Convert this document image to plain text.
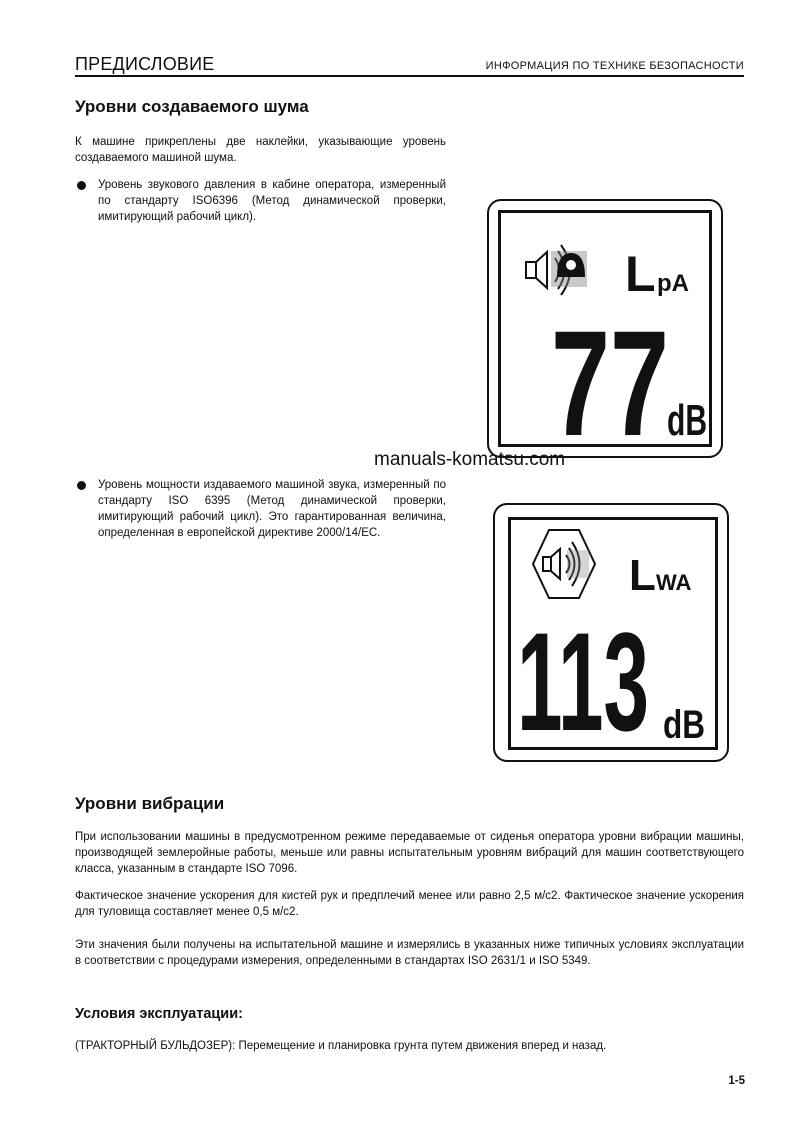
ПРЕДИСЛОВИЕ	ИНФОРМАЦИЯ ПО ТЕХНИКЕ БЕЗОПАСНОСТИ
Уровни создаваемого шума
К машине прикреплены две наклейки, указывающие уровень создаваемого машиной шума.
Уровень звукового давления в кабине оператора, измеренный по стандарту ISO6396 (Метод динамической проверки, имитирующий рабочий цикл).
L pA
77
dB
manuals-komatsu.com
Уровень мощности издаваемого машиной звука, измеренный по стандарту ISO 6395 (Метод динамической проверки, имитирующий рабочий цикл). Это гарантированная величина, определенная в европейской директиве 2000/14/EC.
L WA
113 dB
Уровни вибрации
При использовании машины в предусмотренном режиме передаваемые от сиденья оператора уровни вибрации машины, производящей землеройные работы, меньше или равны испытательным уровням вибраций для машин соответствующего класса, указанным в стандарте ISO 7096.
Фактическое значение ускорения для кистей рук и предплечий менее или равно 2,5 м/с2. Фактическое значение ускорения для туловища составляет менее 0,5 м/с2.
Эти значения были получены на испытательной машине и измерялись в указанных ниже типичных условиях эксплуатации в соответствии с процедурами измерения, определенными в стандартах ISO 2631/1 и ISO 5349.
Условия эксплуатации:
(ТРАКТОРНЫЙ БУЛЬДОЗЕР): Перемещение и планировка грунта путем движения вперед и назад.
1-5
